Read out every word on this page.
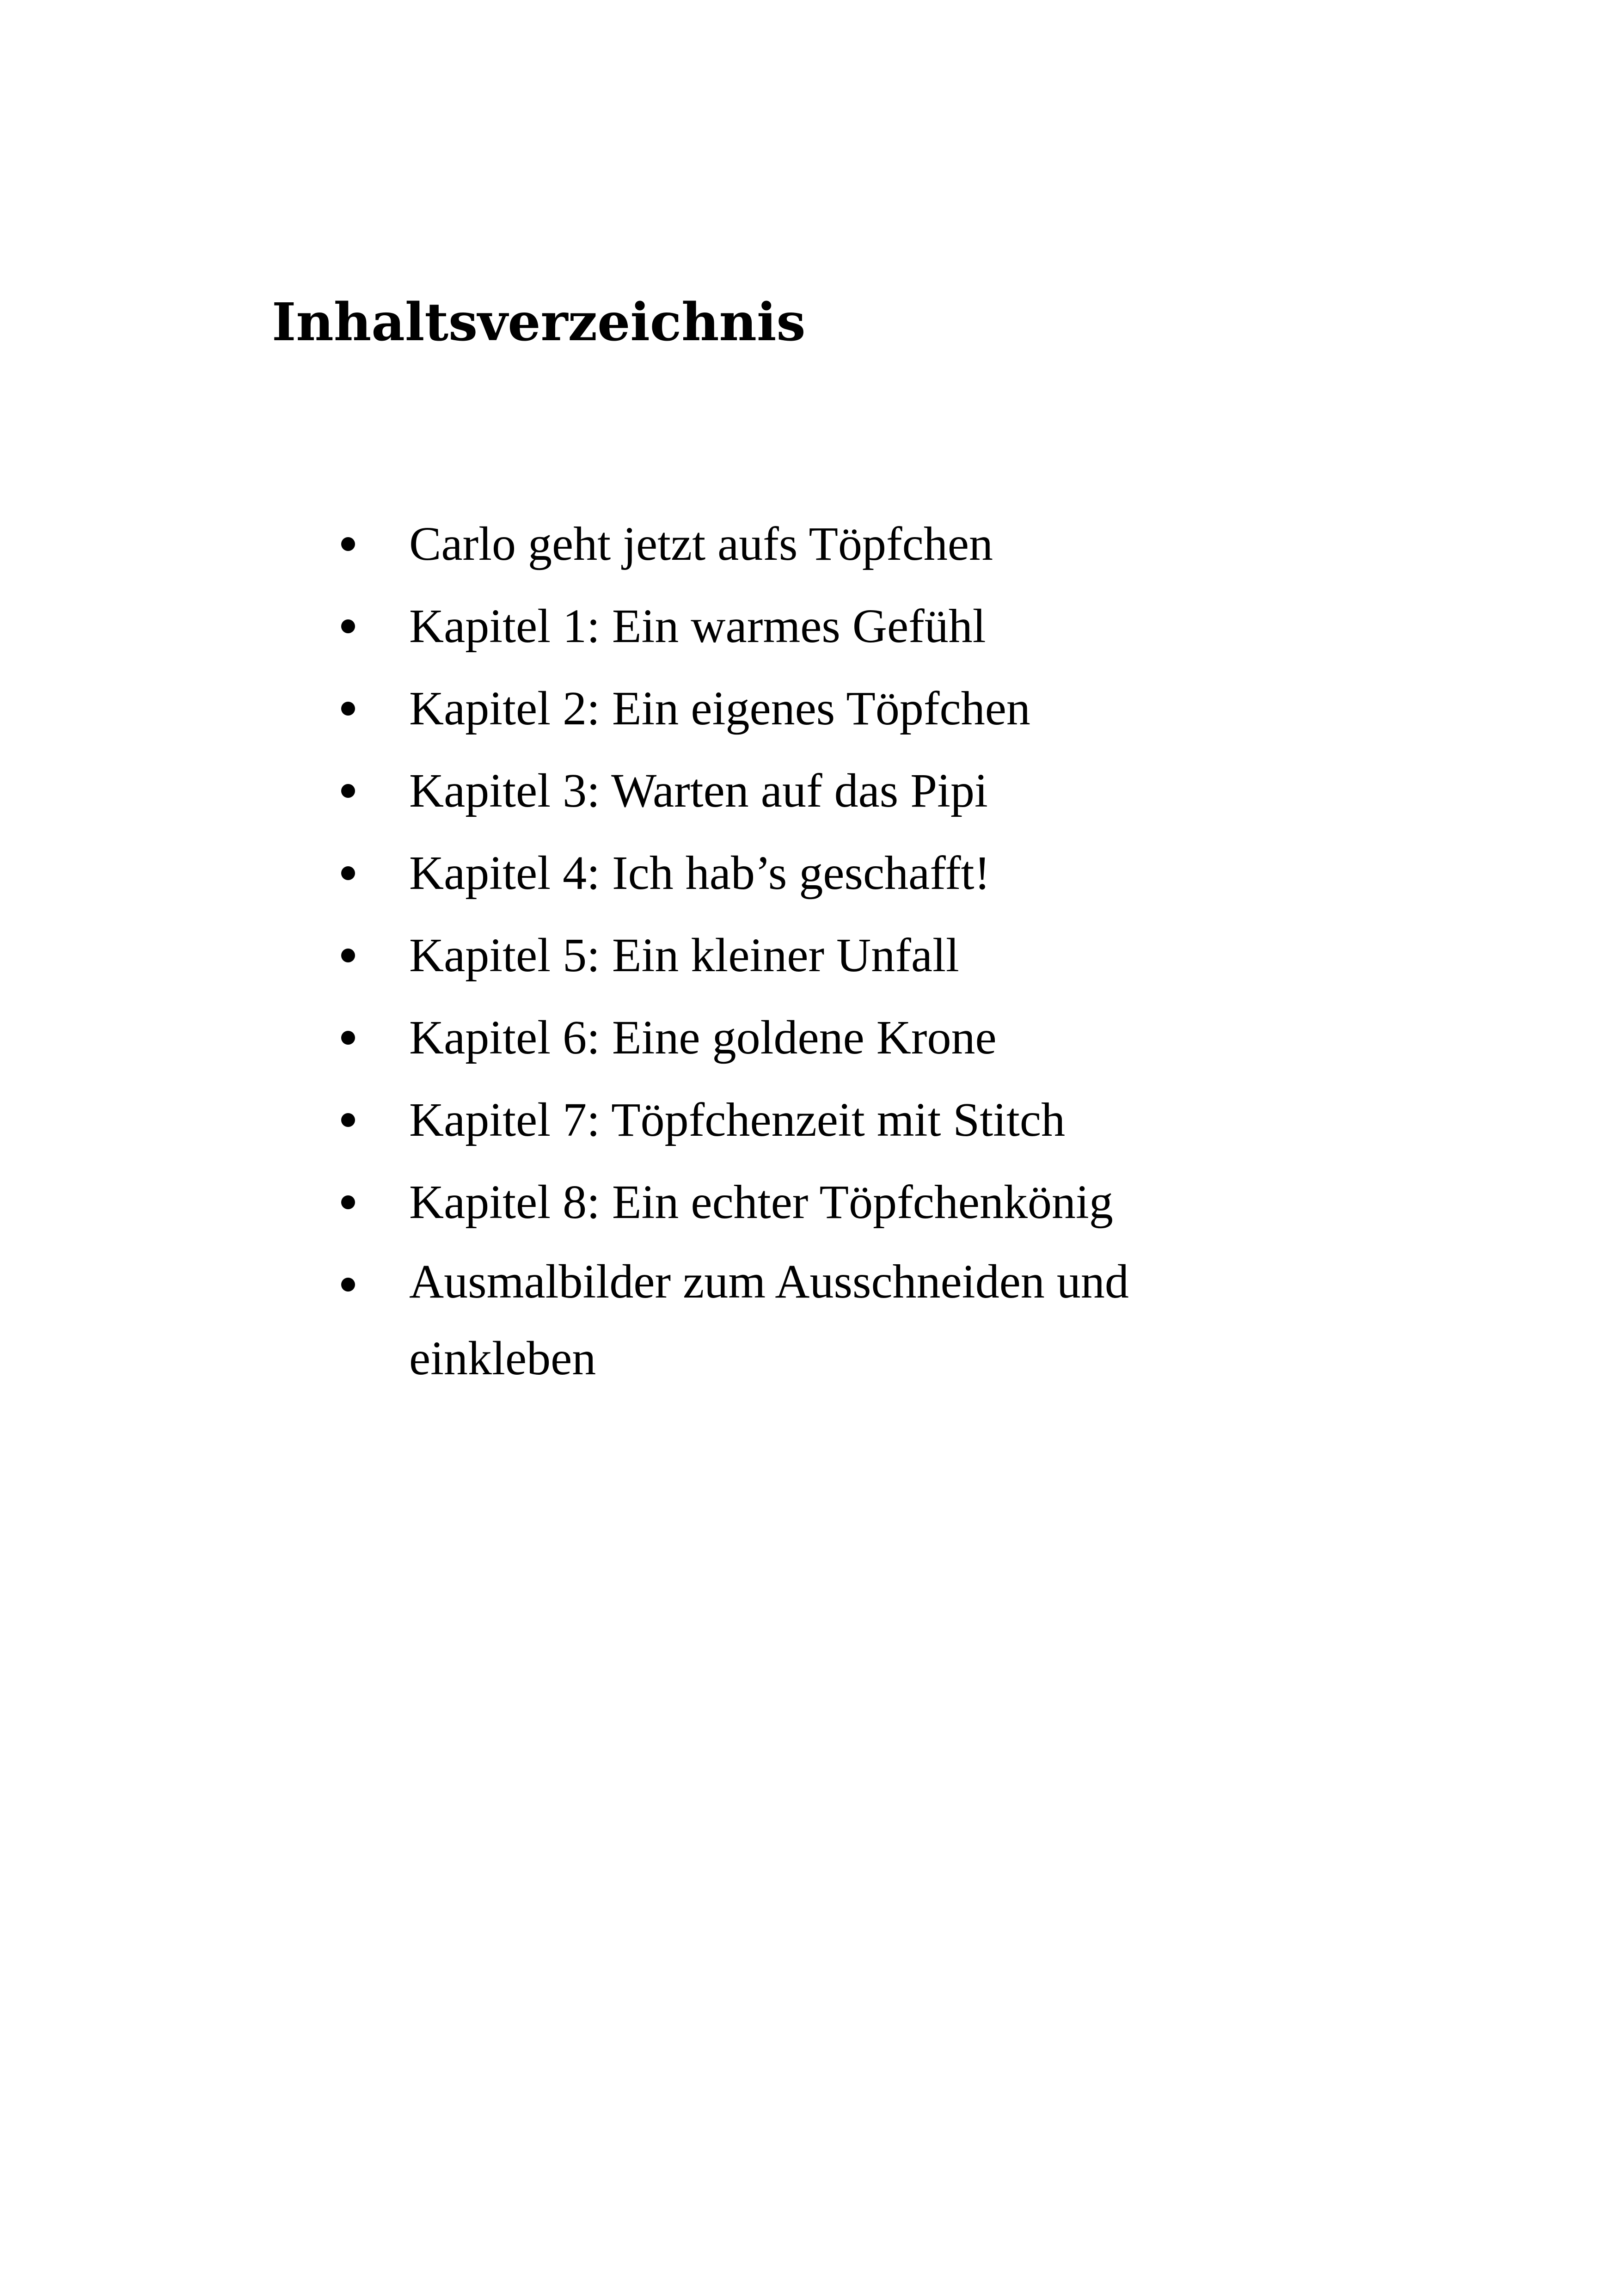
Inhaltsverzeichnis
Carlo geht jetzt aufs Töpfchen
Kapitel 1: Ein warmes Gefühl
Kapitel 2: Ein eigenes Töpfchen
Kapitel 3: Warten auf das Pipi
Kapitel 4: Ich hab’s geschafft!
Kapitel 5: Ein kleiner Unfall
Kapitel 6: Eine goldene Krone
Kapitel 7: Töpfchenzeit mit Stitch
Kapitel 8: Ein echter Töpfchenkönig
Ausmalbilder zum Ausschneiden und einkleben
